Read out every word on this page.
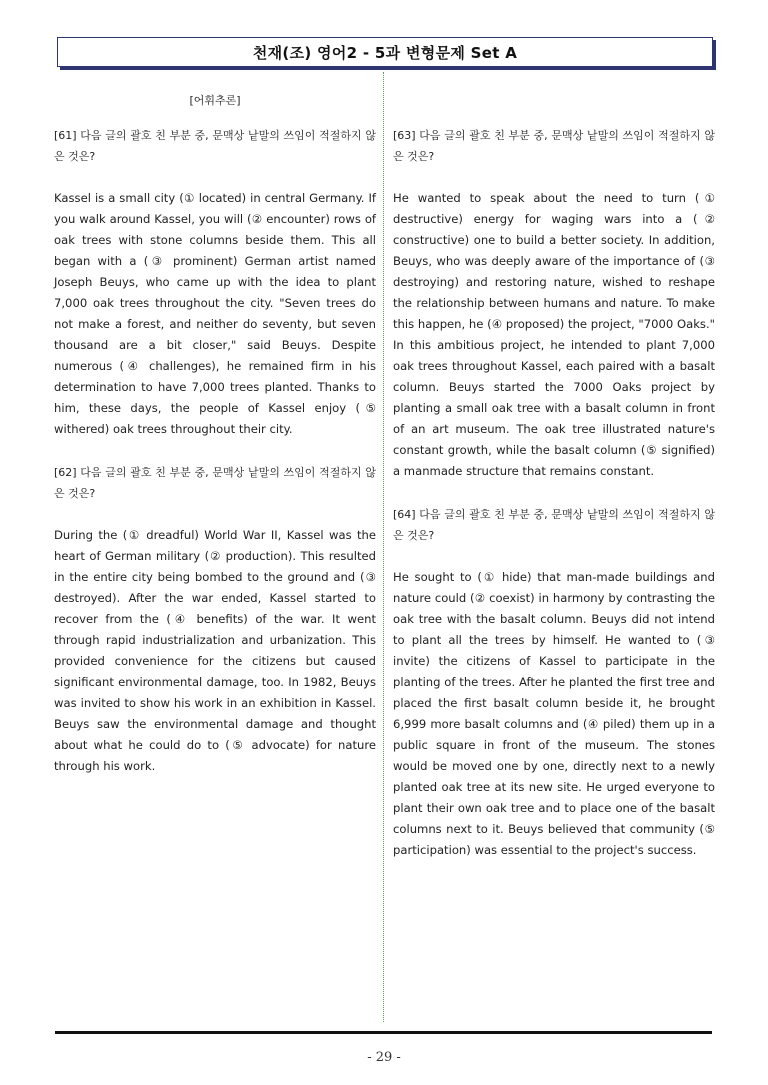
천재(조) 영어2 - 5과 변형문제 Set A
[어휘추론]

[61] 다음 글의 괄호 친 부분 중, 문맥상 낱말의 쓰임이 적절하지 않은 것은?

Kassel is a small city (① located) in central Germany. If you walk around Kassel, you will (② encounter) rows of oak trees with stone columns beside them. This all began with a (③ prominent) German artist named Joseph Beuys, who came up with the idea to plant 7,000 oak trees throughout the city. "Seven trees do not make a forest, and neither do seventy, but seven thousand are a bit closer," said Beuys. Despite numerous (④ challenges), he remained firm in his determination to have 7,000 trees planted. Thanks to him, these days, the people of Kassel enjoy (⑤ withered) oak trees throughout their city.

[62] 다음 글의 괄호 친 부분 중, 문맥상 낱말의 쓰임이 적절하지 않은 것은?

During the (① dreadful) World War II, Kassel was the heart of German military (② production). This resulted in the entire city being bombed to the ground and (③ destroyed). After the war ended, Kassel started to recover from the (④ benefits) of the war. It went through rapid industrialization and urbanization. This provided convenience for the citizens but caused significant environmental damage, too. In 1982, Beuys was invited to show his work in an exhibition in Kassel. Beuys saw the environmental damage and thought about what he could do to (⑤ advocate) for nature through his work.

[63] 다음 글의 괄호 친 부분 중, 문맥상 낱말의 쓰임이 적절하지 않은 것은?

He wanted to speak about the need to turn (① destructive) energy for waging wars into a (② constructive) one to build a better society. In addition, Beuys, who was deeply aware of the importance of (③ destroying) and restoring nature, wished to reshape the relationship between humans and nature. To make this happen, he (④ proposed) the project, "7000 Oaks." In this ambitious project, he intended to plant 7,000 oak trees throughout Kassel, each paired with a basalt column. Beuys started the 7000 Oaks project by planting a small oak tree with a basalt column in front of an art museum. The oak tree illustrated nature's constant growth, while the basalt column (⑤ signified) a manmade structure that remains constant.

[64] 다음 글의 괄호 친 부분 중, 문맥상 낱말의 쓰임이 적절하지 않은 것은?

He sought to (① hide) that man-made buildings and nature could (② coexist) in harmony by contrasting the oak tree with the basalt column. Beuys did not intend to plant all the trees by himself. He wanted to (③ invite) the citizens of Kassel to participate in the planting of the trees. After he planted the first tree and placed the first basalt column beside it, he brought 6,999 more basalt columns and (④ piled) them up in a public square in front of the museum. The stones would be moved one by one, directly next to a newly planted oak tree at its new site. He urged everyone to plant their own oak tree and to place one of the basalt columns next to it. Beuys believed that community (⑤ participation) was essential to the project's success.

- 29 -
